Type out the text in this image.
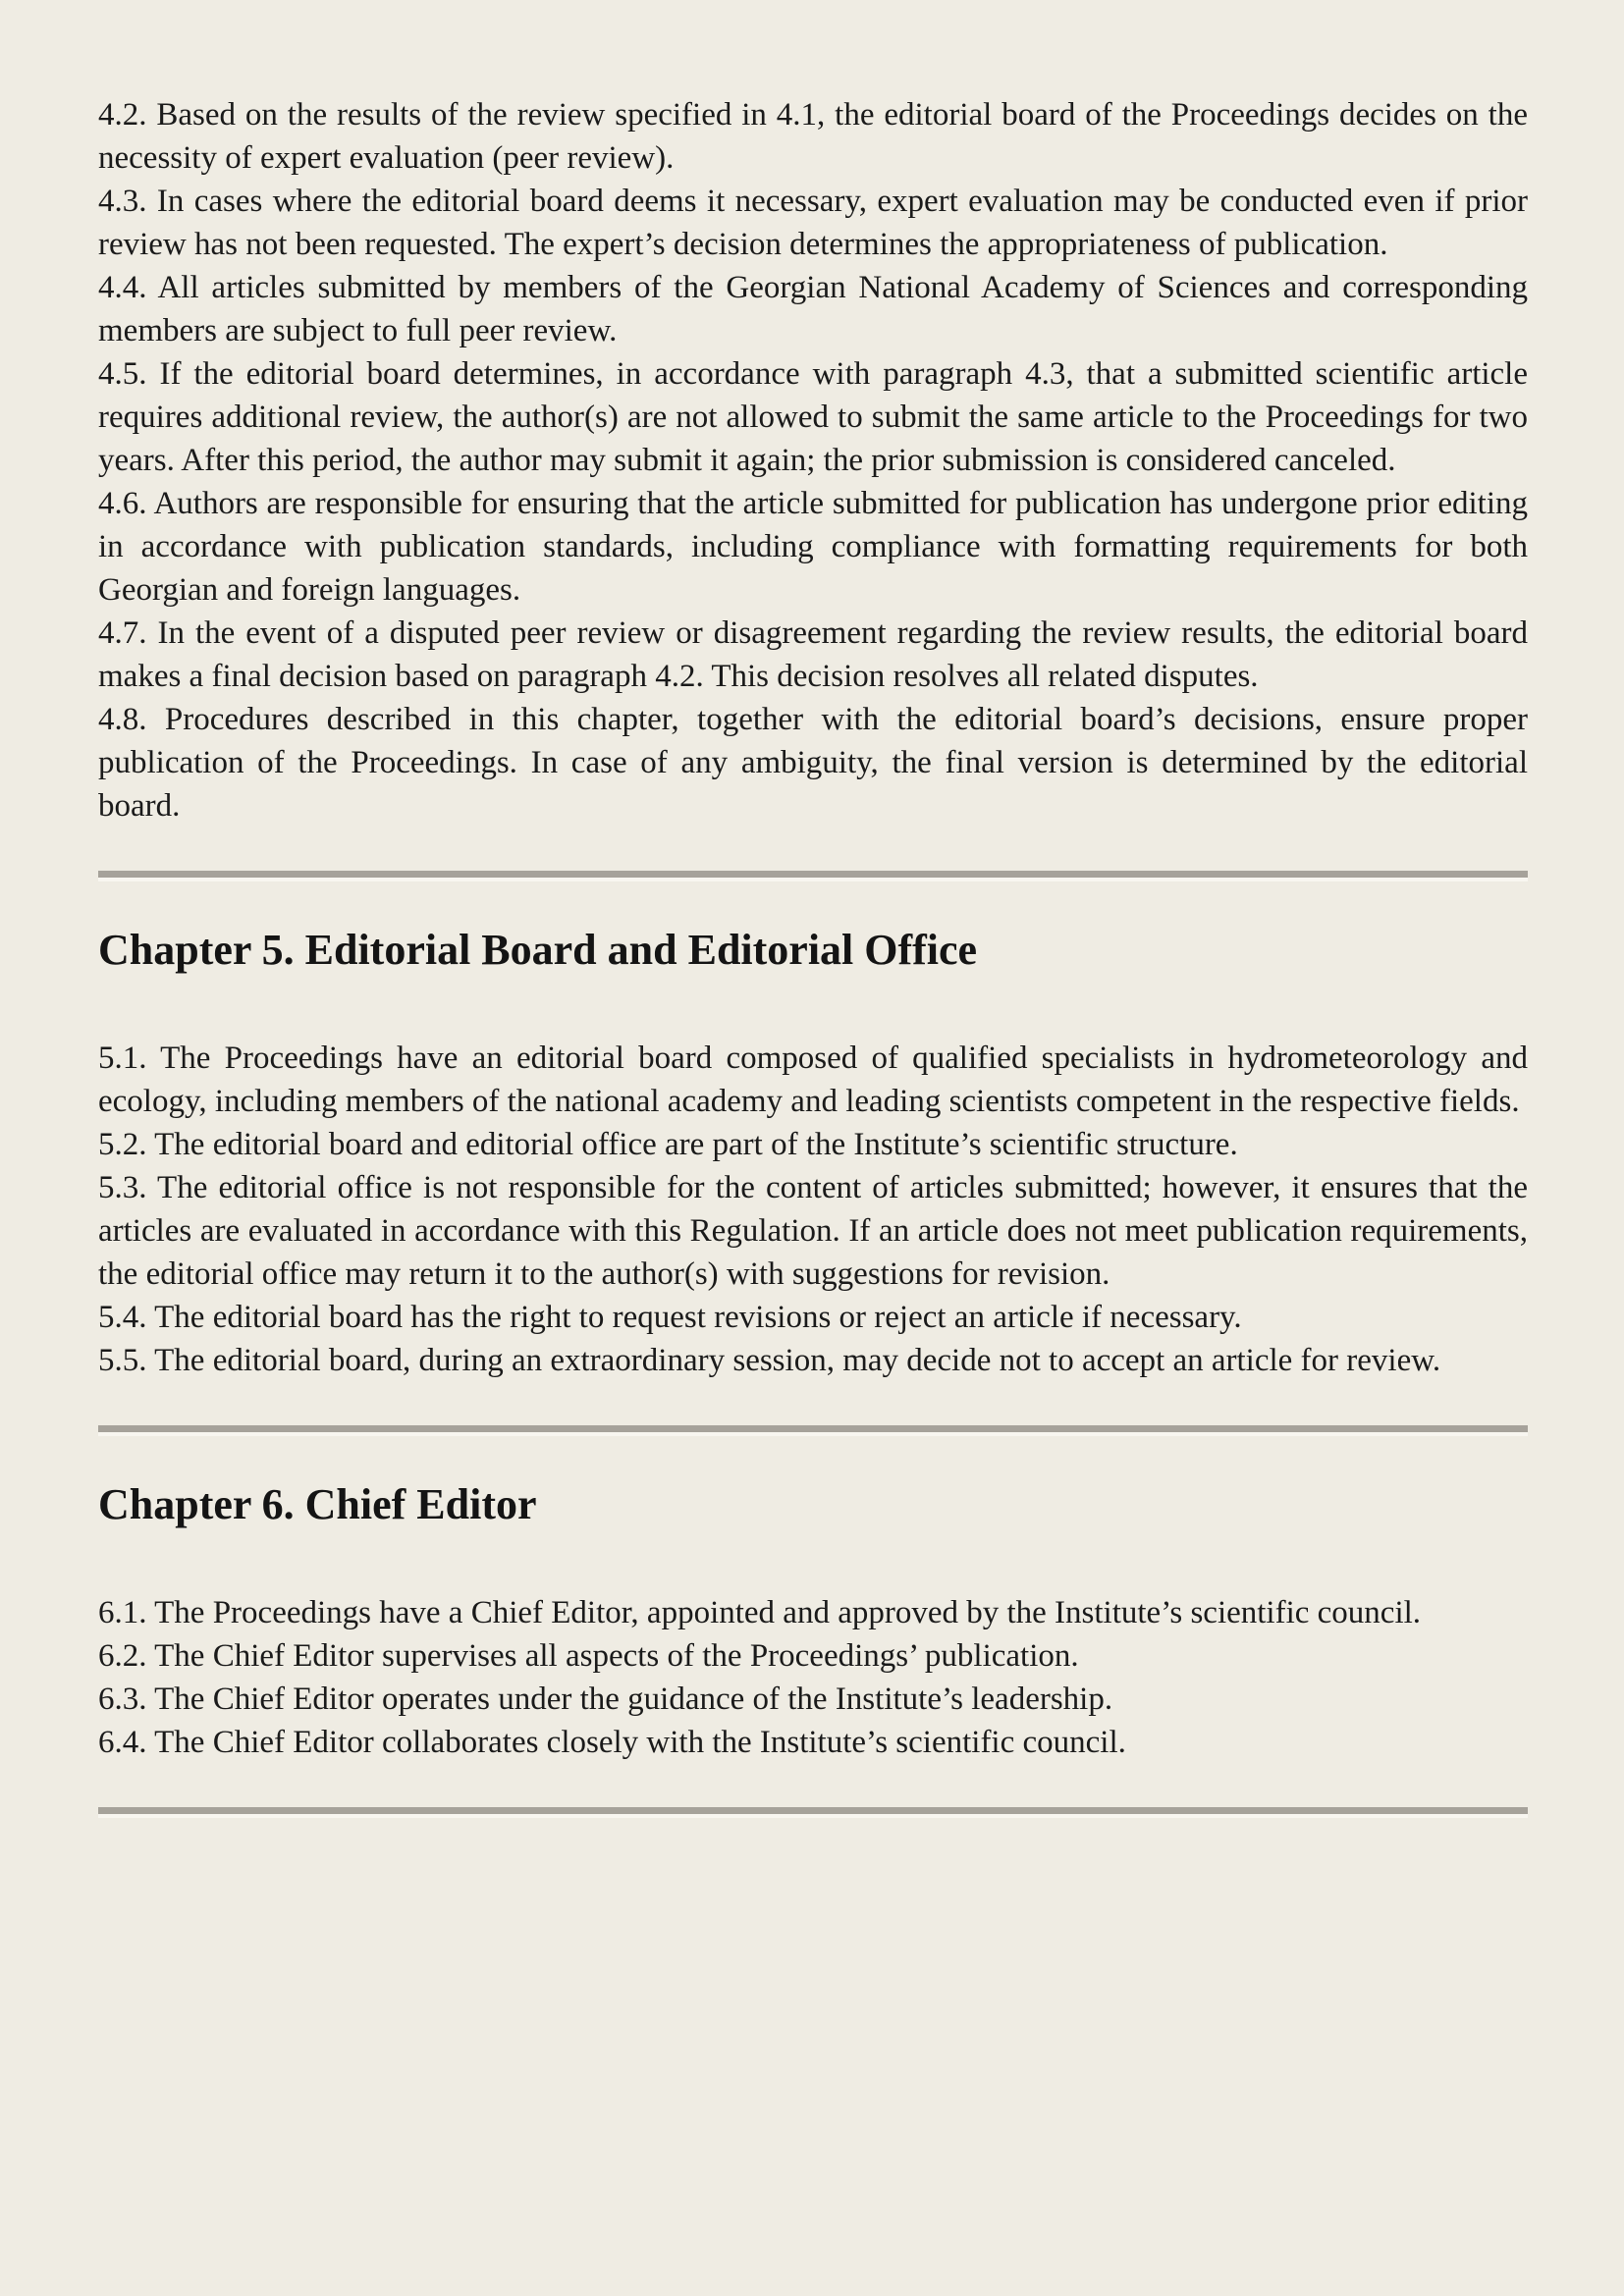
4.2. Based on the results of the review specified in 4.1, the editorial board of the Proceedings decides on the necessity of expert evaluation (peer review).

4.3. In cases where the editorial board deems it necessary, expert evaluation may be conducted even if prior review has not been requested. The expert’s decision determines the appropriateness of publication.

4.4. All articles submitted by members of the Georgian National Academy of Sciences and corresponding members are subject to full peer review.

4.5. If the editorial board determines, in accordance with paragraph 4.3, that a submitted scientific article requires additional review, the author(s) are not allowed to submit the same article to the Proceedings for two years. After this period, the author may submit it again; the prior submission is considered canceled.

4.6. Authors are responsible for ensuring that the article submitted for publication has undergone prior editing in accordance with publication standards, including compliance with formatting requirements for both Georgian and foreign languages.

4.7. In the event of a disputed peer review or disagreement regarding the review results, the editorial board makes a final decision based on paragraph 4.2. This decision resolves all related disputes.

4.8. Procedures described in this chapter, together with the editorial board’s decisions, ensure proper publication of the Proceedings. In case of any ambiguity, the final version is determined by the editorial board.

Chapter 5. Editorial Board and Editorial Office

5.1. The Proceedings have an editorial board composed of qualified specialists in hydrometeorology and ecology, including members of the national academy and leading scientists competent in the respective fields.

5.2. The editorial board and editorial office are part of the Institute’s scientific structure.

5.3. The editorial office is not responsible for the content of articles submitted; however, it ensures that the articles are evaluated in accordance with this Regulation. If an article does not meet publication requirements, the editorial office may return it to the author(s) with suggestions for revision.

5.4. The editorial board has the right to request revisions or reject an article if necessary.

5.5. The editorial board, during an extraordinary session, may decide not to accept an article for review.

Chapter 6. Chief Editor

6.1. The Proceedings have a Chief Editor, appointed and approved by the Institute’s scientific council.

6.2. The Chief Editor supervises all aspects of the Proceedings’ publication.

6.3. The Chief Editor operates under the guidance of the Institute’s leadership.

6.4. The Chief Editor collaborates closely with the Institute’s scientific council.
